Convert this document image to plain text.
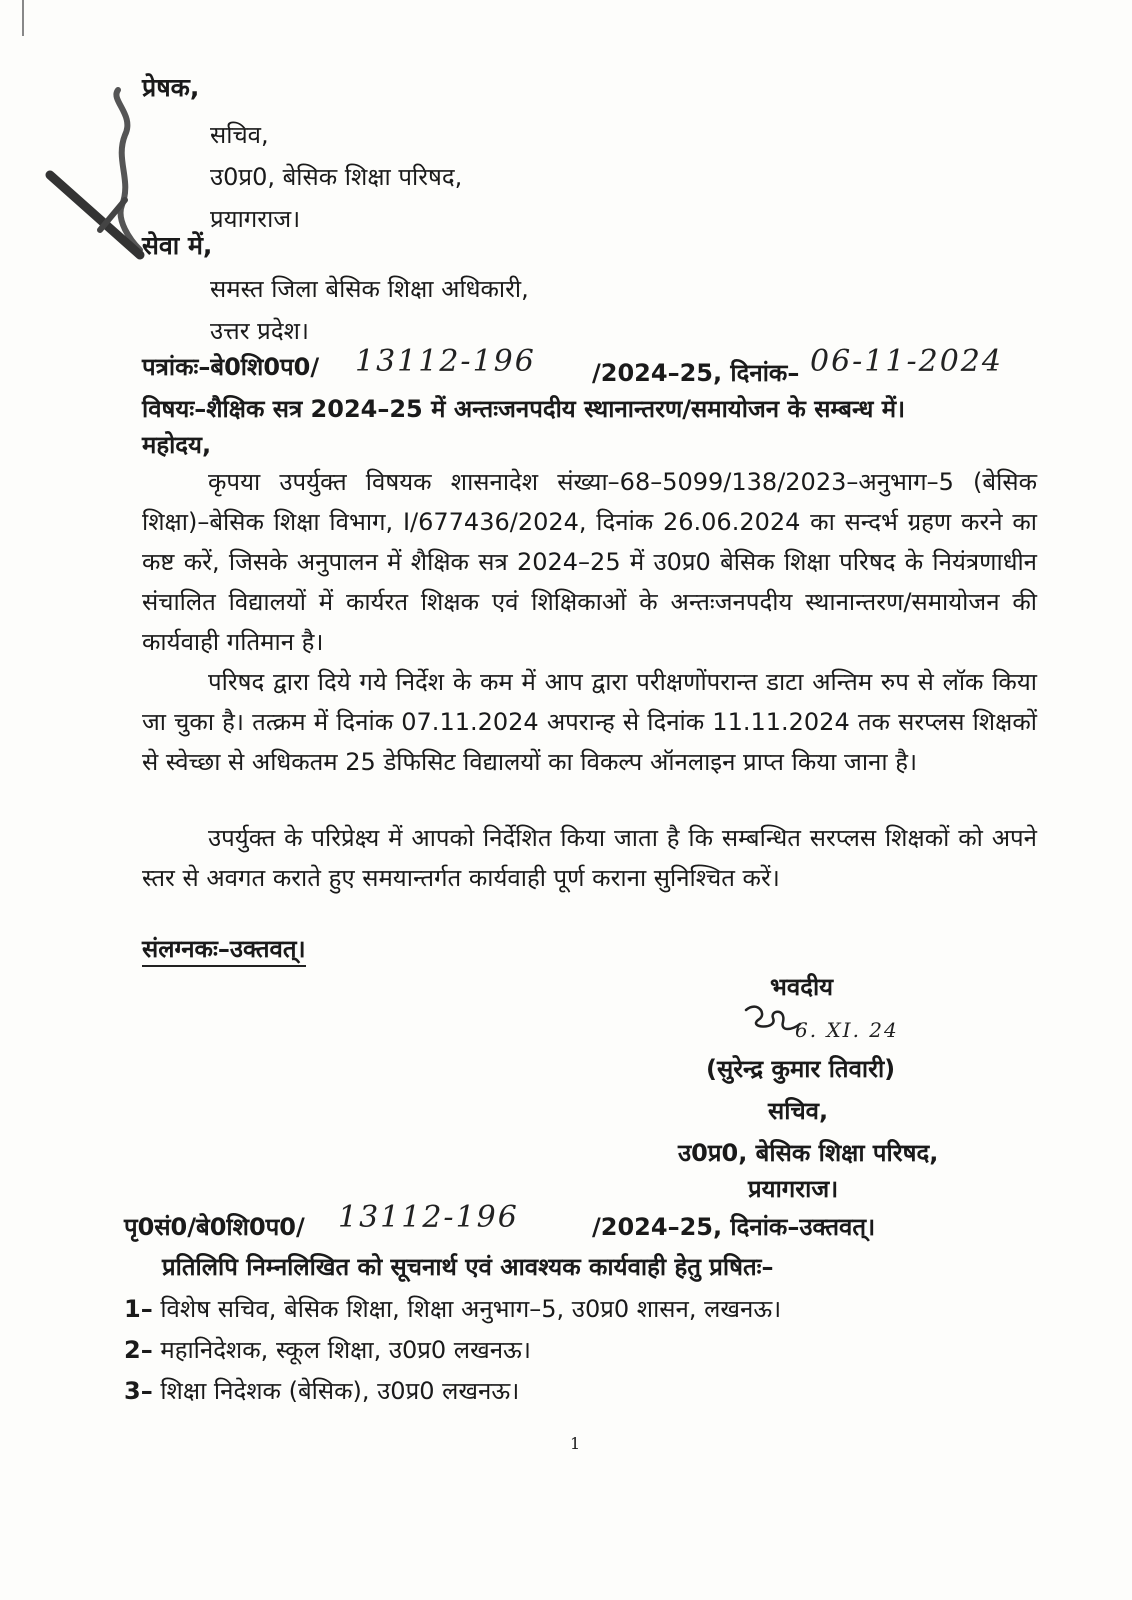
प्रेषक,
सचिव,
उ0प्र0, बेसिक शिक्षा परिषद,
प्रयागराज।
सेवा में,
समस्त जिला बेसिक शिक्षा अधिकारी,
उत्तर प्रदेश।
पत्रांकः–बे0शि0प0/ 13112-196 /2024–25, दिनांक– 06-11-2024
विषयः–शैक्षिक सत्र 2024–25 में अन्तःजनपदीय स्थानान्तरण/समायोजन के सम्बन्ध में।
महोदय,
कृपया उपर्युक्त विषयक शासनादेश संख्या–68–5099/138/2023–अनुभाग–5 (बेसिक शिक्षा)–बेसिक शिक्षा विभाग, I/677436/2024, दिनांक 26.06.2024 का सन्दर्भ ग्रहण करने का कष्ट करें, जिसके अनुपालन में शैक्षिक सत्र 2024–25 में उ0प्र0 बेसिक शिक्षा परिषद के नियंत्रणाधीन संचालित विद्यालयों में कार्यरत शिक्षक एवं शिक्षिकाओं के अन्तःजनपदीय स्थानान्तरण/समायोजन की कार्यवाही गतिमान है।
परिषद द्वारा दिये गये निर्देश के कम में आप द्वारा परीक्षणोंपरान्त डाटा अन्तिम रुप से लॉक किया जा चुका है। तत्क्रम में दिनांक 07.11.2024 अपरान्ह से दिनांक 11.11.2024 तक सरप्लस शिक्षकों से स्वेच्छा से अधिकतम 25 डेफिसिट विद्यालयों का विकल्प ऑनलाइन प्राप्त किया जाना है।
उपर्युक्त के परिप्रेक्ष्य में आपको निर्देशित किया जाता है कि सम्बन्धित सरप्लस शिक्षकों को अपने स्तर से अवगत कराते हुए समयान्तर्गत कार्यवाही पूर्ण कराना सुनिश्चित करें।
संलग्नकः–उक्तवत्।
भवदीय
6. XI. 24
(सुरेन्द्र कुमार तिवारी)
सचिव,
उ0प्र0, बेसिक शिक्षा परिषद,
प्रयागराज।
पृ0सं0/बे0शि0प0/ 13112-196	/2024–25, दिनांक–उक्तवत्।
प्रतिलिपि निम्नलिखित को सूचनार्थ एवं आवश्यक कार्यवाही हेतु प्रषितः–
1– विशेष सचिव, बेसिक शिक्षा, शिक्षा अनुभाग–5, उ0प्र0 शासन, लखनऊ।
2– महानिदेशक, स्कूल शिक्षा, उ0प्र0 लखनऊ।
3– शिक्षा निदेशक (बेसिक), उ0प्र0 लखनऊ।
1
